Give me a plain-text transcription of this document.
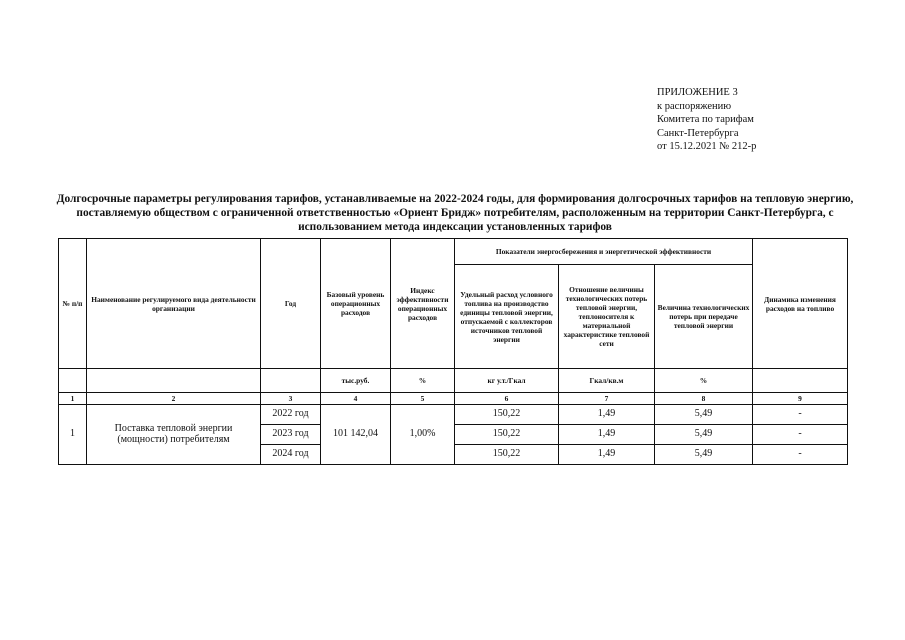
ПРИЛОЖЕНИЕ 3
к распоряжению
Комитета по тарифам
Санкт-Петербурга
от 15.12.2021 № 212-р
Долгосрочные параметры регулирования тарифов, устанавливаемые на 2022-2024 годы, для формирования долгосрочных тарифов на тепловую энергию, поставляемую обществом с ограниченной ответственностью «Ориент Бридж» потребителям, расположенным на территории Санкт-Петербурга, с использованием метода индексации установленных тарифов
№ п/п	Наименование регулируемого вида деятельности организации	Год	Базовый уровень операционных расходов	Индекс эффективности операционных расходов	Показатели энергосбережения и энергетической эффективности			Динамика изменения расходов на топливо
					Удельный расход условного топлива на производство единицы тепловой энергии, отпускаемой с коллекторов источников тепловой энергии	Отношение величины технологических потерь тепловой энергии, теплоносителя к материальной характеристике тепловой сети	Величина технологических потерь при передаче тепловой энергии	
			тыс.руб.	%	кг у.т./Гкал	Гкал/кв.м	%	
1	2	3	4	5	6	7	8	9
1	Поставка тепловой энергии (мощности) потребителям	2022 год	101 142,04	1,00%	150,22	1,49	5,49	-
		2023 год			150,22	1,49	5,49	-
		2024 год			150,22	1,49	5,49	-
